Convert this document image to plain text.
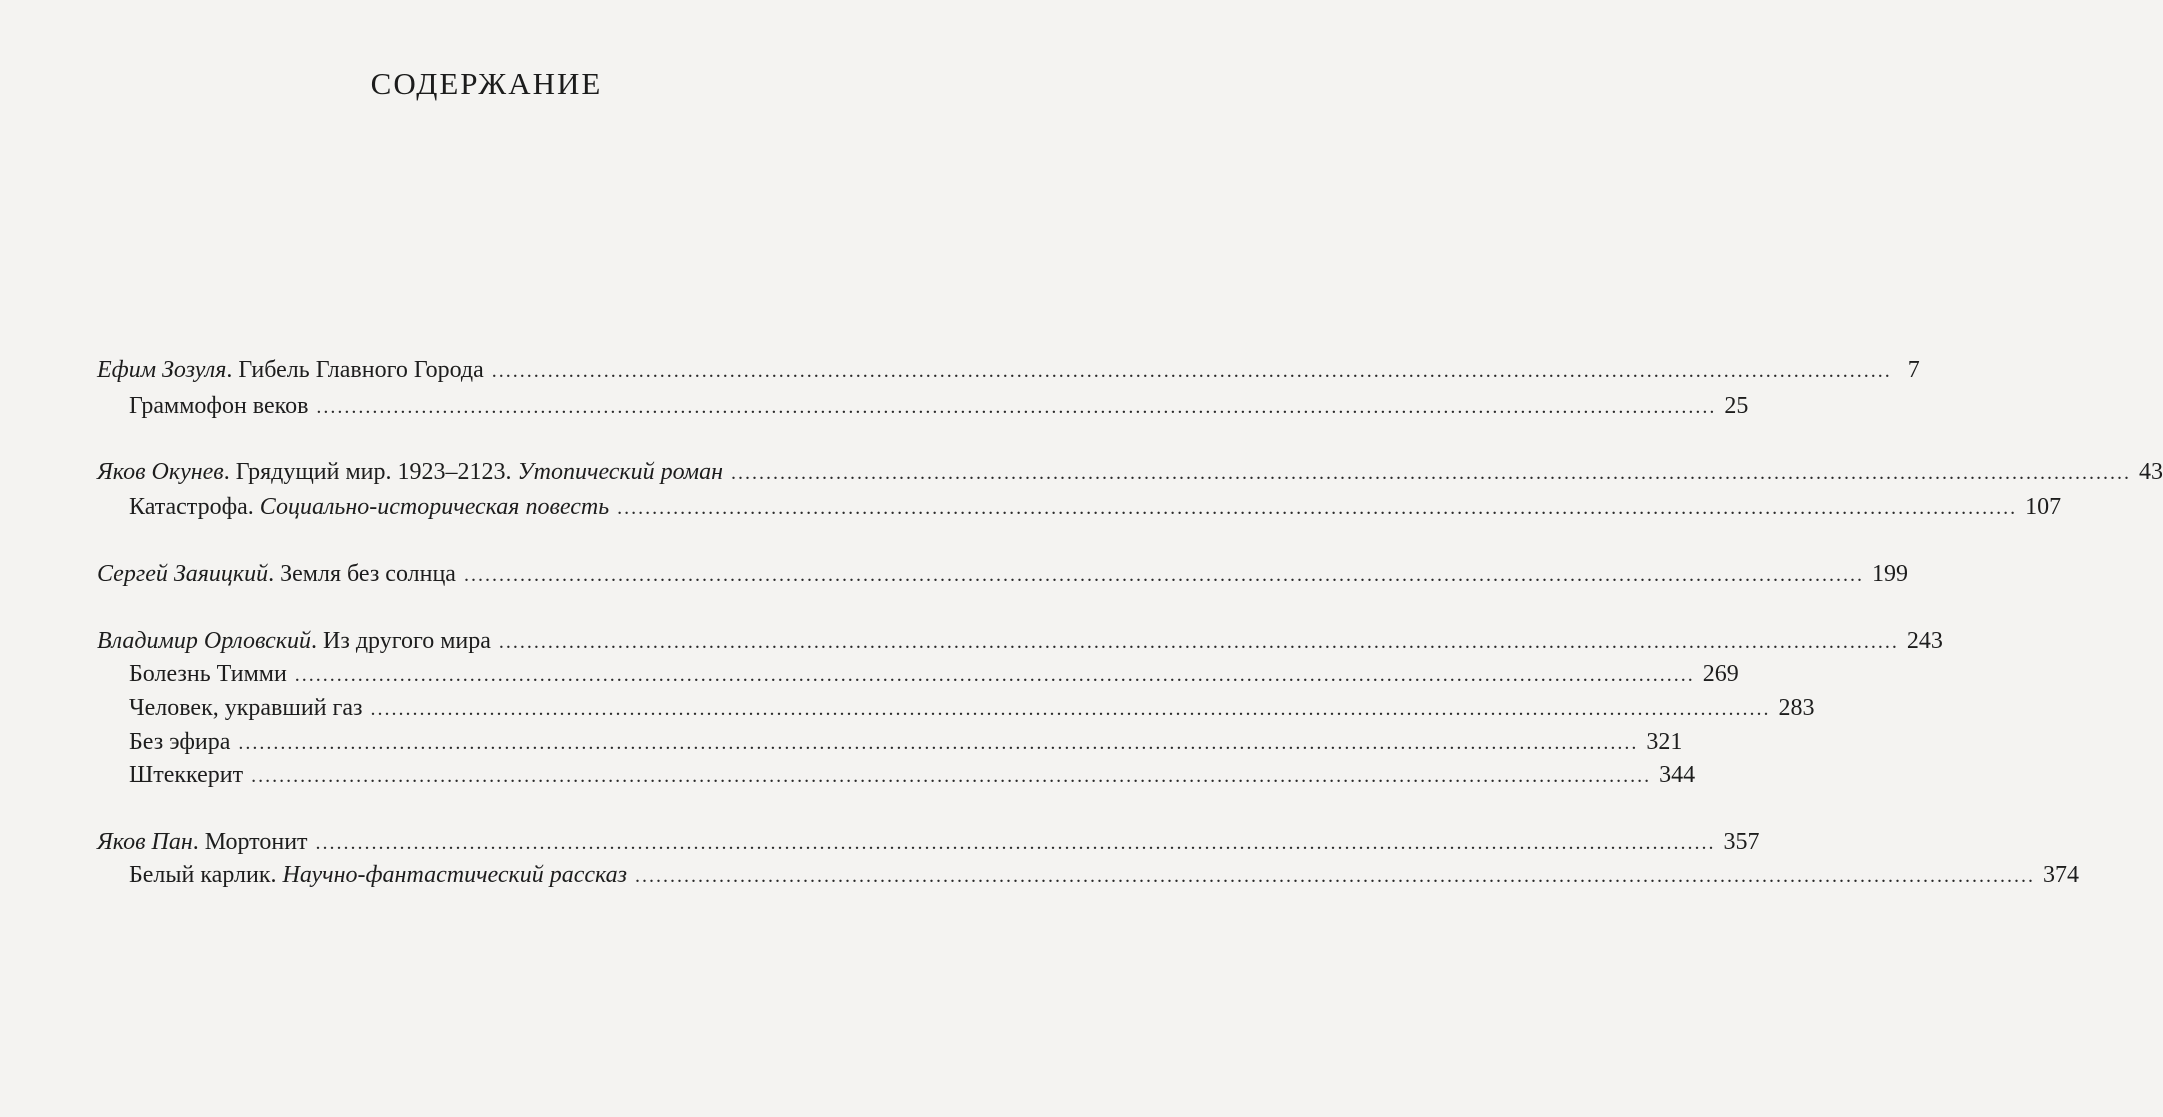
СОДЕРЖАНИЕ
Ефим Зозуля. Гибель Главного Города ........................................................................................................................................................................................................ 7
Граммофон веков ........................................................................................................................................................................................................ 25
Яков Окунев. Грядущий мир. 1923–2123. Утопический роман ........................................................................................................................................................................................................ 43
Катастрофа. Социально-историческая повесть ........................................................................................................................................................................................................ 107
Сергей Заяицкий. Земля без солнца ........................................................................................................................................................................................................ 199
Владимир Орловский. Из другого мира ........................................................................................................................................................................................................ 243
Болезнь Тимми ........................................................................................................................................................................................................ 269
Человек, укравший газ ........................................................................................................................................................................................................ 283
Без эфира ........................................................................................................................................................................................................ 321
Штеккерит ........................................................................................................................................................................................................ 344
Яков Пан. Мортонит ........................................................................................................................................................................................................ 357
Белый карлик. Научно-фантастический рассказ ........................................................................................................................................................................................................ 374
